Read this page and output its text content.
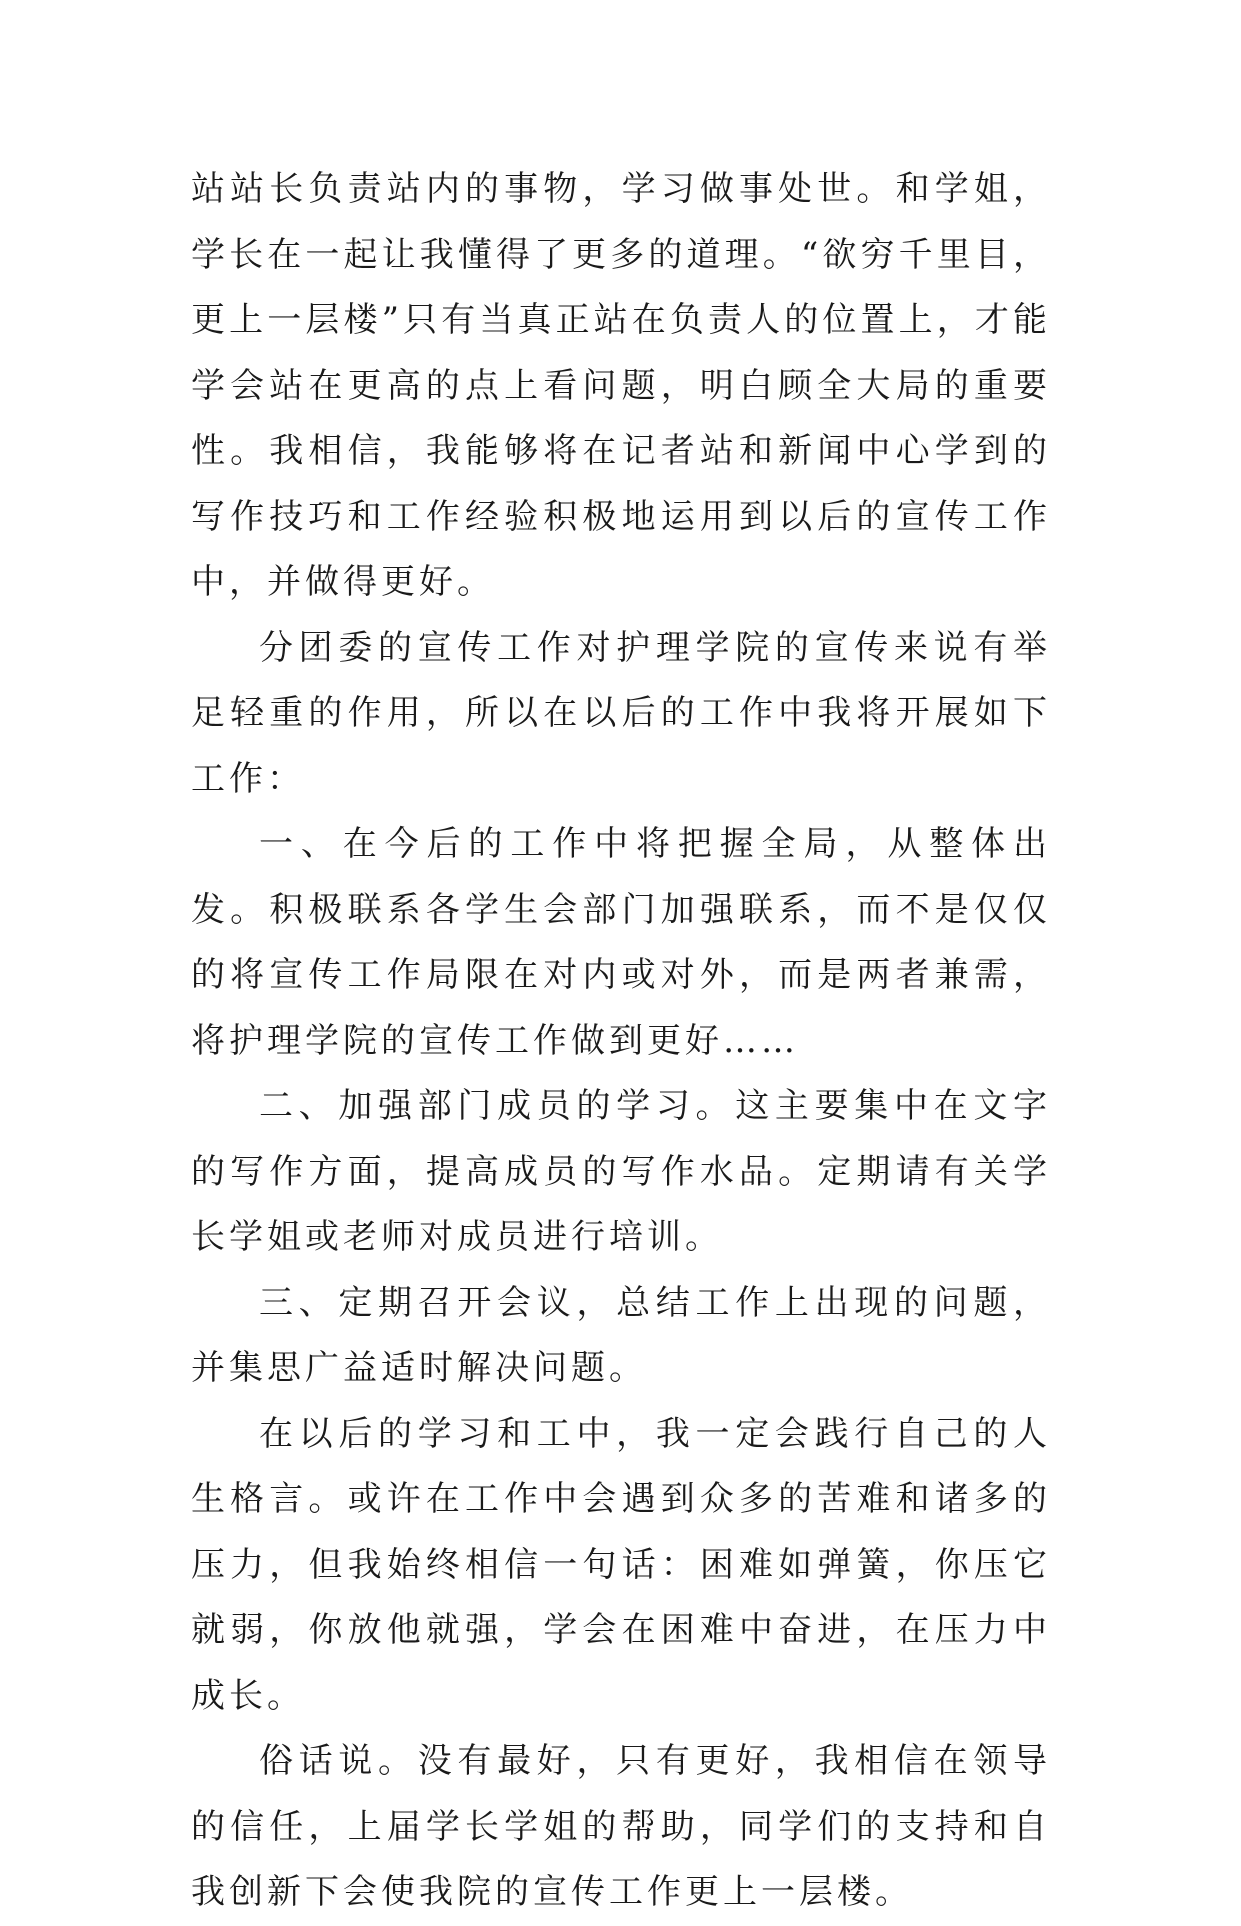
站站长负责站内的事物，学习做事处世。和学姐，学长在一起让我懂得了更多的道理。“欲穷千里目，更上一层楼”只有当真正站在负责人的位置上，才能学会站在更高的点上看问题，明白顾全大局的重要性。我相信，我能够将在记者站和新闻中心学到的写作技巧和工作经验积极地运用到以后的宣传工作中，并做得更好。

分团委的宣传工作对护理学院的宣传来说有举足轻重的作用，所以在以后的工作中我将开展如下工作：

一、在今后的工作中将把握全局，从整体出发。积极联系各学生会部门加强联系，而不是仅仅的将宣传工作局限在对内或对外，而是两者兼需，将护理学院的宣传工作做到更好……

二、加强部门成员的学习。这主要集中在文字的写作方面，提高成员的写作水品。定期请有关学长学姐或老师对成员进行培训。

三、定期召开会议，总结工作上出现的问题，并集思广益适时解决问题。

在以后的学习和工中，我一定会践行自己的人生格言。或许在工作中会遇到众多的苦难和诸多的压力，但我始终相信一句话：困难如弹簧，你压它就弱，你放他就强，学会在困难中奋进，在压力中成长。

俗话说。没有最好，只有更好，我相信在领导的信任，上届学长学姐的帮助，同学们的支持和自我创新下会使我院的宣传工作更上一层楼。
